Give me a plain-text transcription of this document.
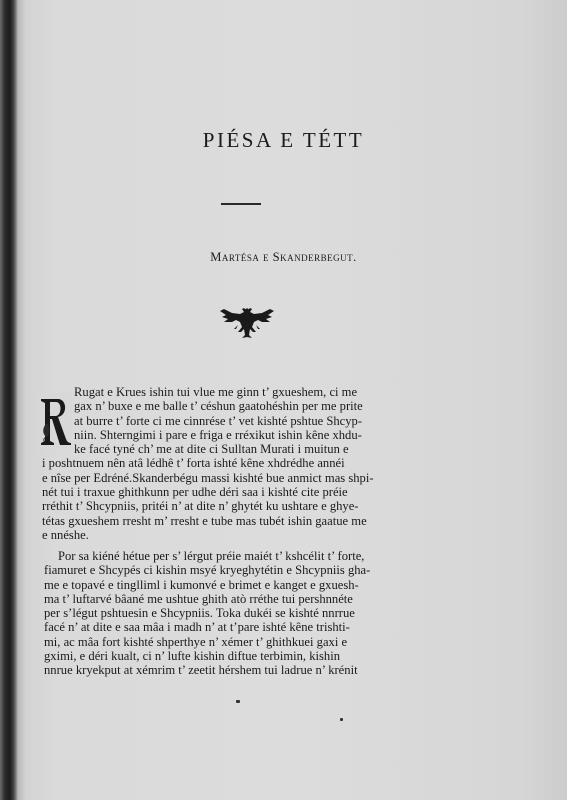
PIÉSA E TÉTT
Martésa e Skanderbegut.
Rugat e Krues ishin tui vlue me ginn t’ gxueshem, ci me
gax n’ buxe e me balle t’ céshun gaatohéshin per me prite
at burre t’ forte ci me cinnrése t’ vet kishté pshtue Shcyp-
niin. Shterngimi i pare e friga e rréxikut ishin kêne xhdu-
ke facé tyné ch’ me at dite ci Sulltan Murati i muitun e
i poshtnuem nên atâ lédhê t’ forta ishté kêne xhdrédhe annéi
e nîse per Edréné.Skanderbégu massi kishté bue anmict mas shpi-
nét tui i traxue ghithkunn per udhe déri saa i kishté cite préie
rréthit t’ Shcypniis, pritéi n’ at dite n’ ghytét ku ushtare e ghye-
tétas gxueshem rresht m’ rresht e tube mas tubét ishin gaatue me
e nnéshe.
Por sa kiéné hétue per s’ lérgut préie maiét t’ kshcélit t’ forte,
fiamuret e Shcypés ci kishin msyé kryeghytétin e Shcypniis gha-
me e topavé e tinglliml i kumonvé e brimet e kanget e gxuesh-
ma t’ luftarvé bâané me ushtue ghith atò rréthe tui pershnnéte
per s’légut pshtuesin e Shcypniis. Toka dukéi se kishté nnrrue
facé n’ at dite e saa mâa i madh n’ at t’pare ishté kêne trishti-
mi, ac mâa fort kishté shperthye n’ xémer t’ ghithkuei gaxi e
gximi, e déri kualt, ci n’ lufte kishin diftue terbimin, kishin
nnrue kryekput at xémrim t’ zeetit hérshem tui ladrue n’ krénit
